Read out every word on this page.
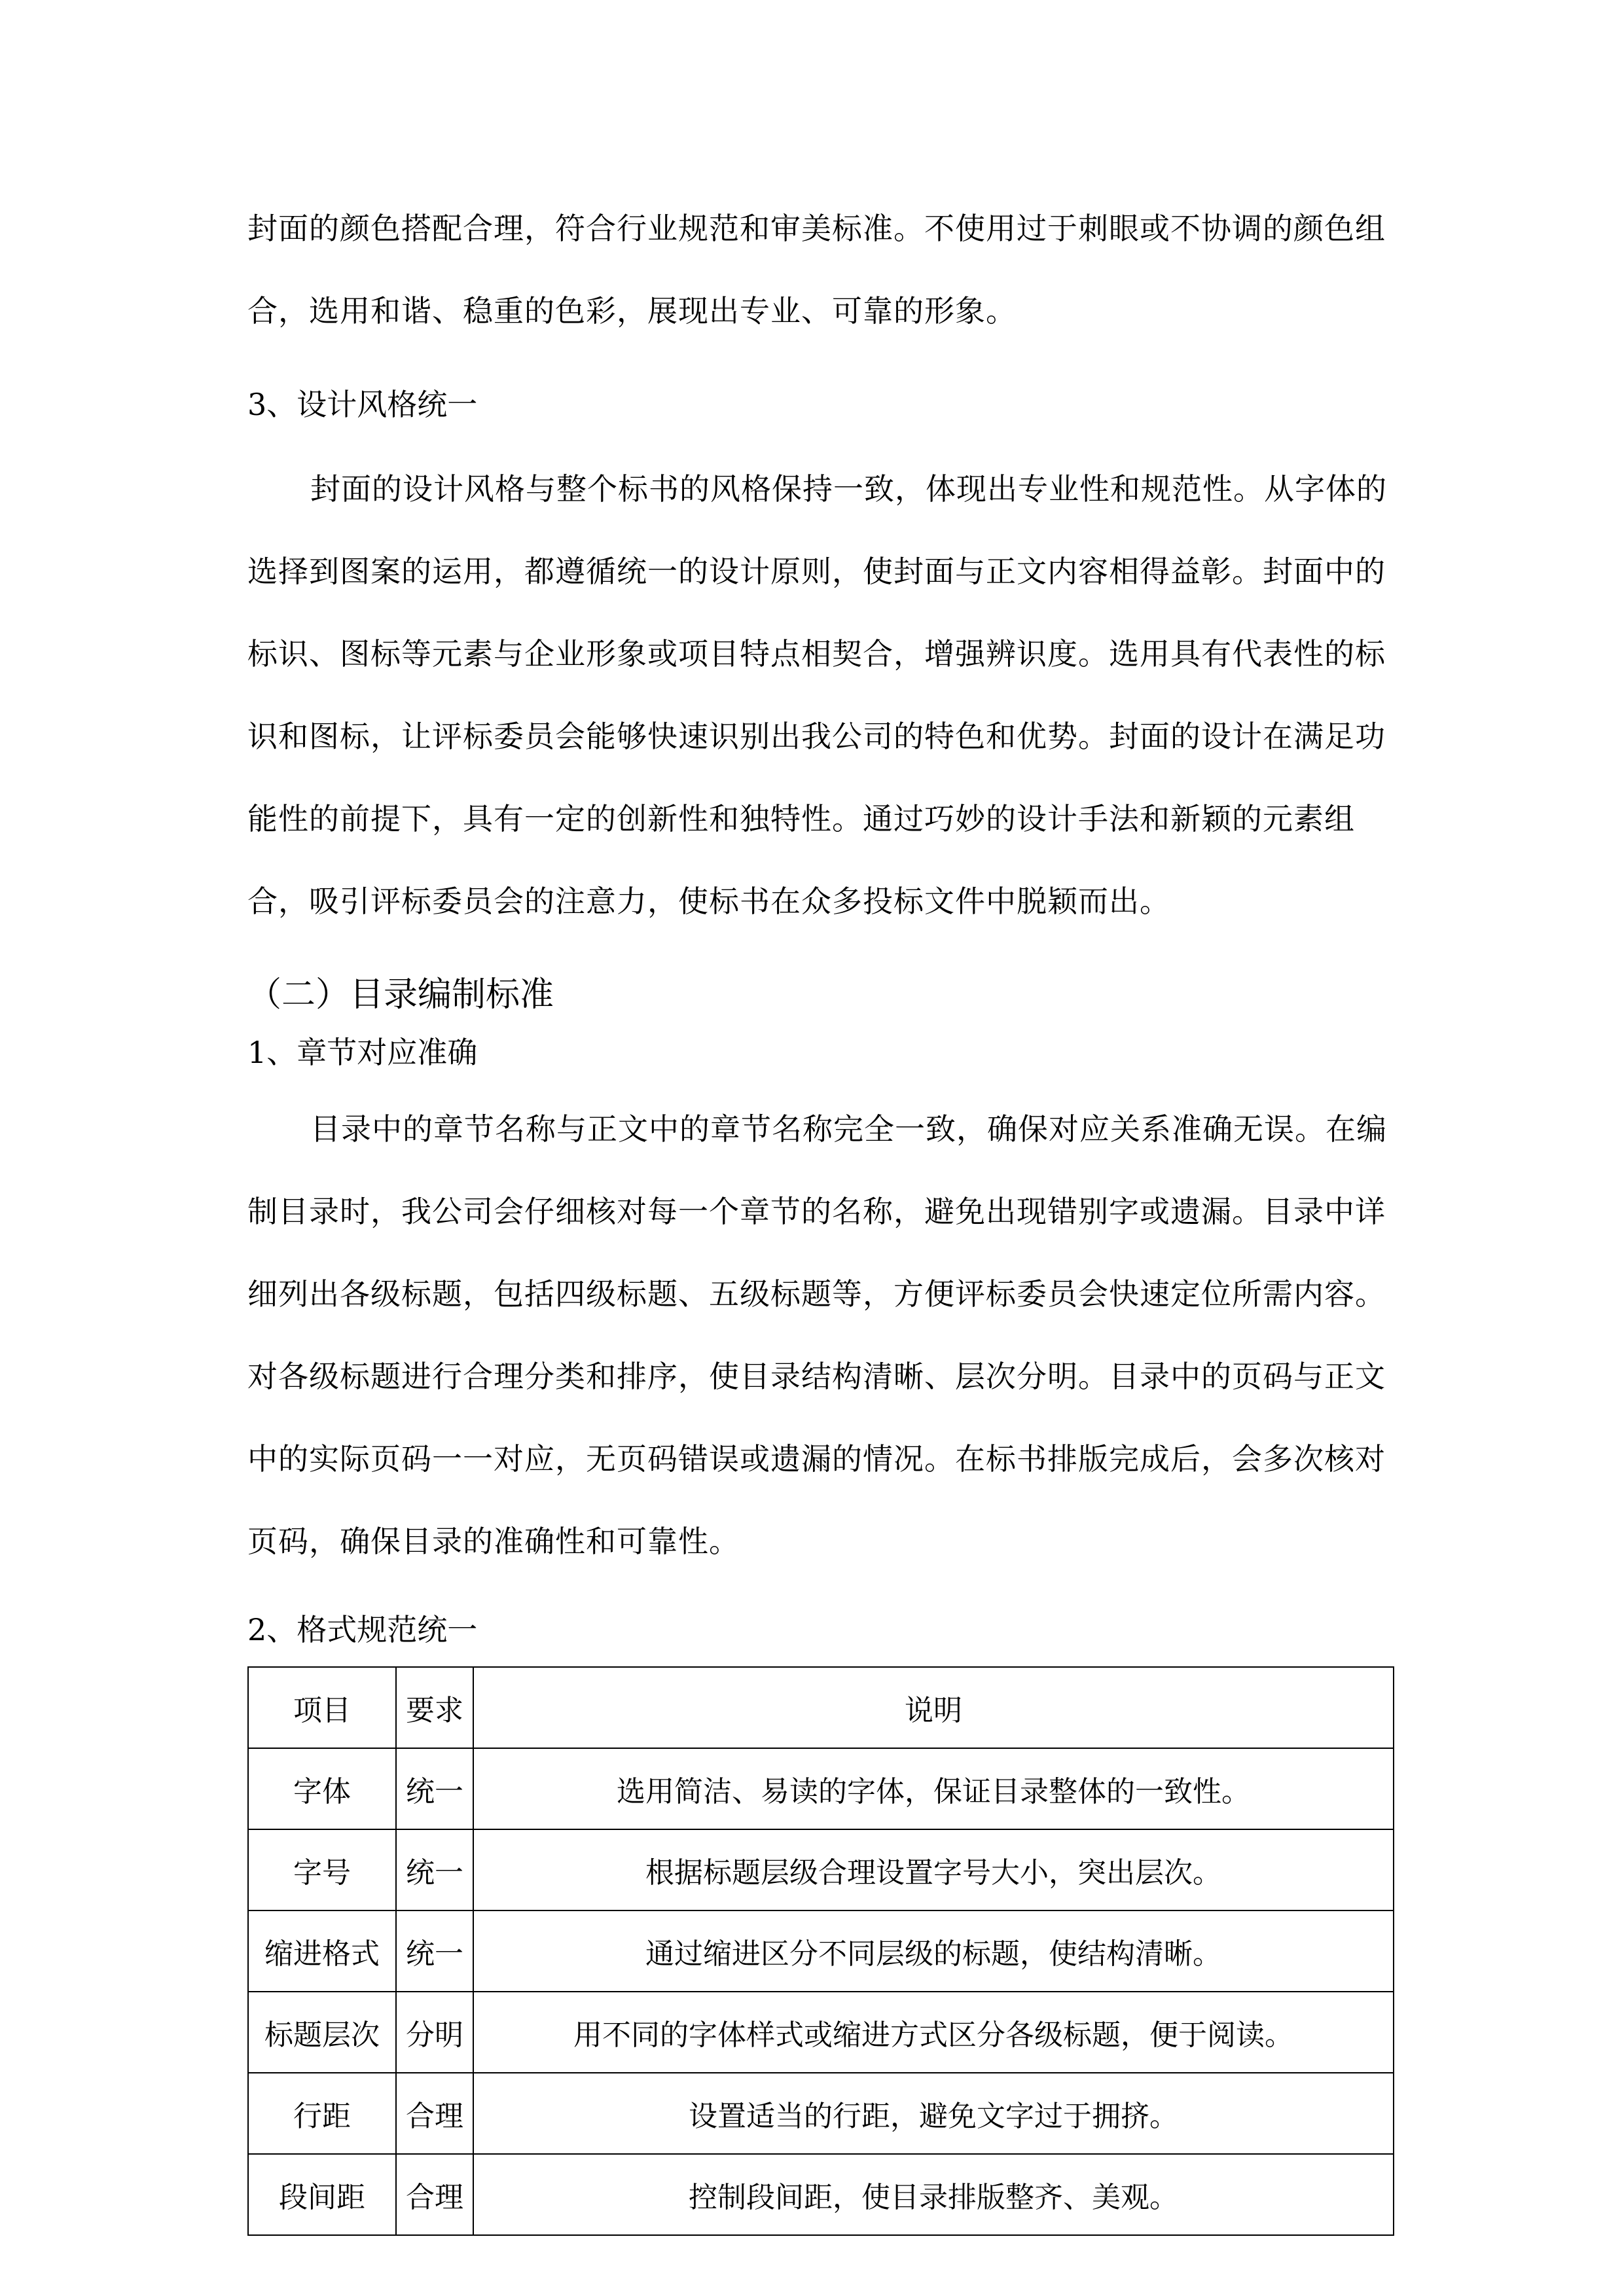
封面的颜色搭配合理，符合行业规范和审美标准。不使用过于刺眼或不协调的颜色组合，选用和谐、稳重的色彩，展现出专业、可靠的形象。

3、设计风格统一

封面的设计风格与整个标书的风格保持一致，体现出专业性和规范性。从字体的选择到图案的运用，都遵循统一的设计原则，使封面与正文内容相得益彰。封面中的标识、图标等元素与企业形象或项目特点相契合，增强辨识度。选用具有代表性的标识和图标，让评标委员会能够快速识别出我公司的特色和优势。封面的设计在满足功能性的前提下，具有一定的创新性和独特性。通过巧妙的设计手法和新颖的元素组合，吸引评标委员会的注意力，使标书在众多投标文件中脱颖而出。

（二）目录编制标准
1、章节对应准确

目录中的章节名称与正文中的章节名称完全一致，确保对应关系准确无误。在编制目录时，我公司会仔细核对每一个章节的名称，避免出现错别字或遗漏。目录中详细列出各级标题，包括四级标题、五级标题等，方便评标委员会快速定位所需内容。对各级标题进行合理分类和排序，使目录结构清晰、层次分明。目录中的页码与正文中的实际页码一一对应，无页码错误或遗漏的情况。在标书排版完成后，会多次核对页码，确保目录的准确性和可靠性。

2、格式规范统一
项目	要求	说明
字体	统一	选用简洁、易读的字体，保证目录整体的一致性。
字号	统一	根据标题层级合理设置字号大小，突出层次。
缩进格式	统一	通过缩进区分不同层级的标题，使结构清晰。
标题层次	分明	用不同的字体样式或缩进方式区分各级标题，便于阅读。
行距	合理	设置适当的行距，避免文字过于拥挤。
段间距	合理	控制段间距，使目录排版整齐、美观。
